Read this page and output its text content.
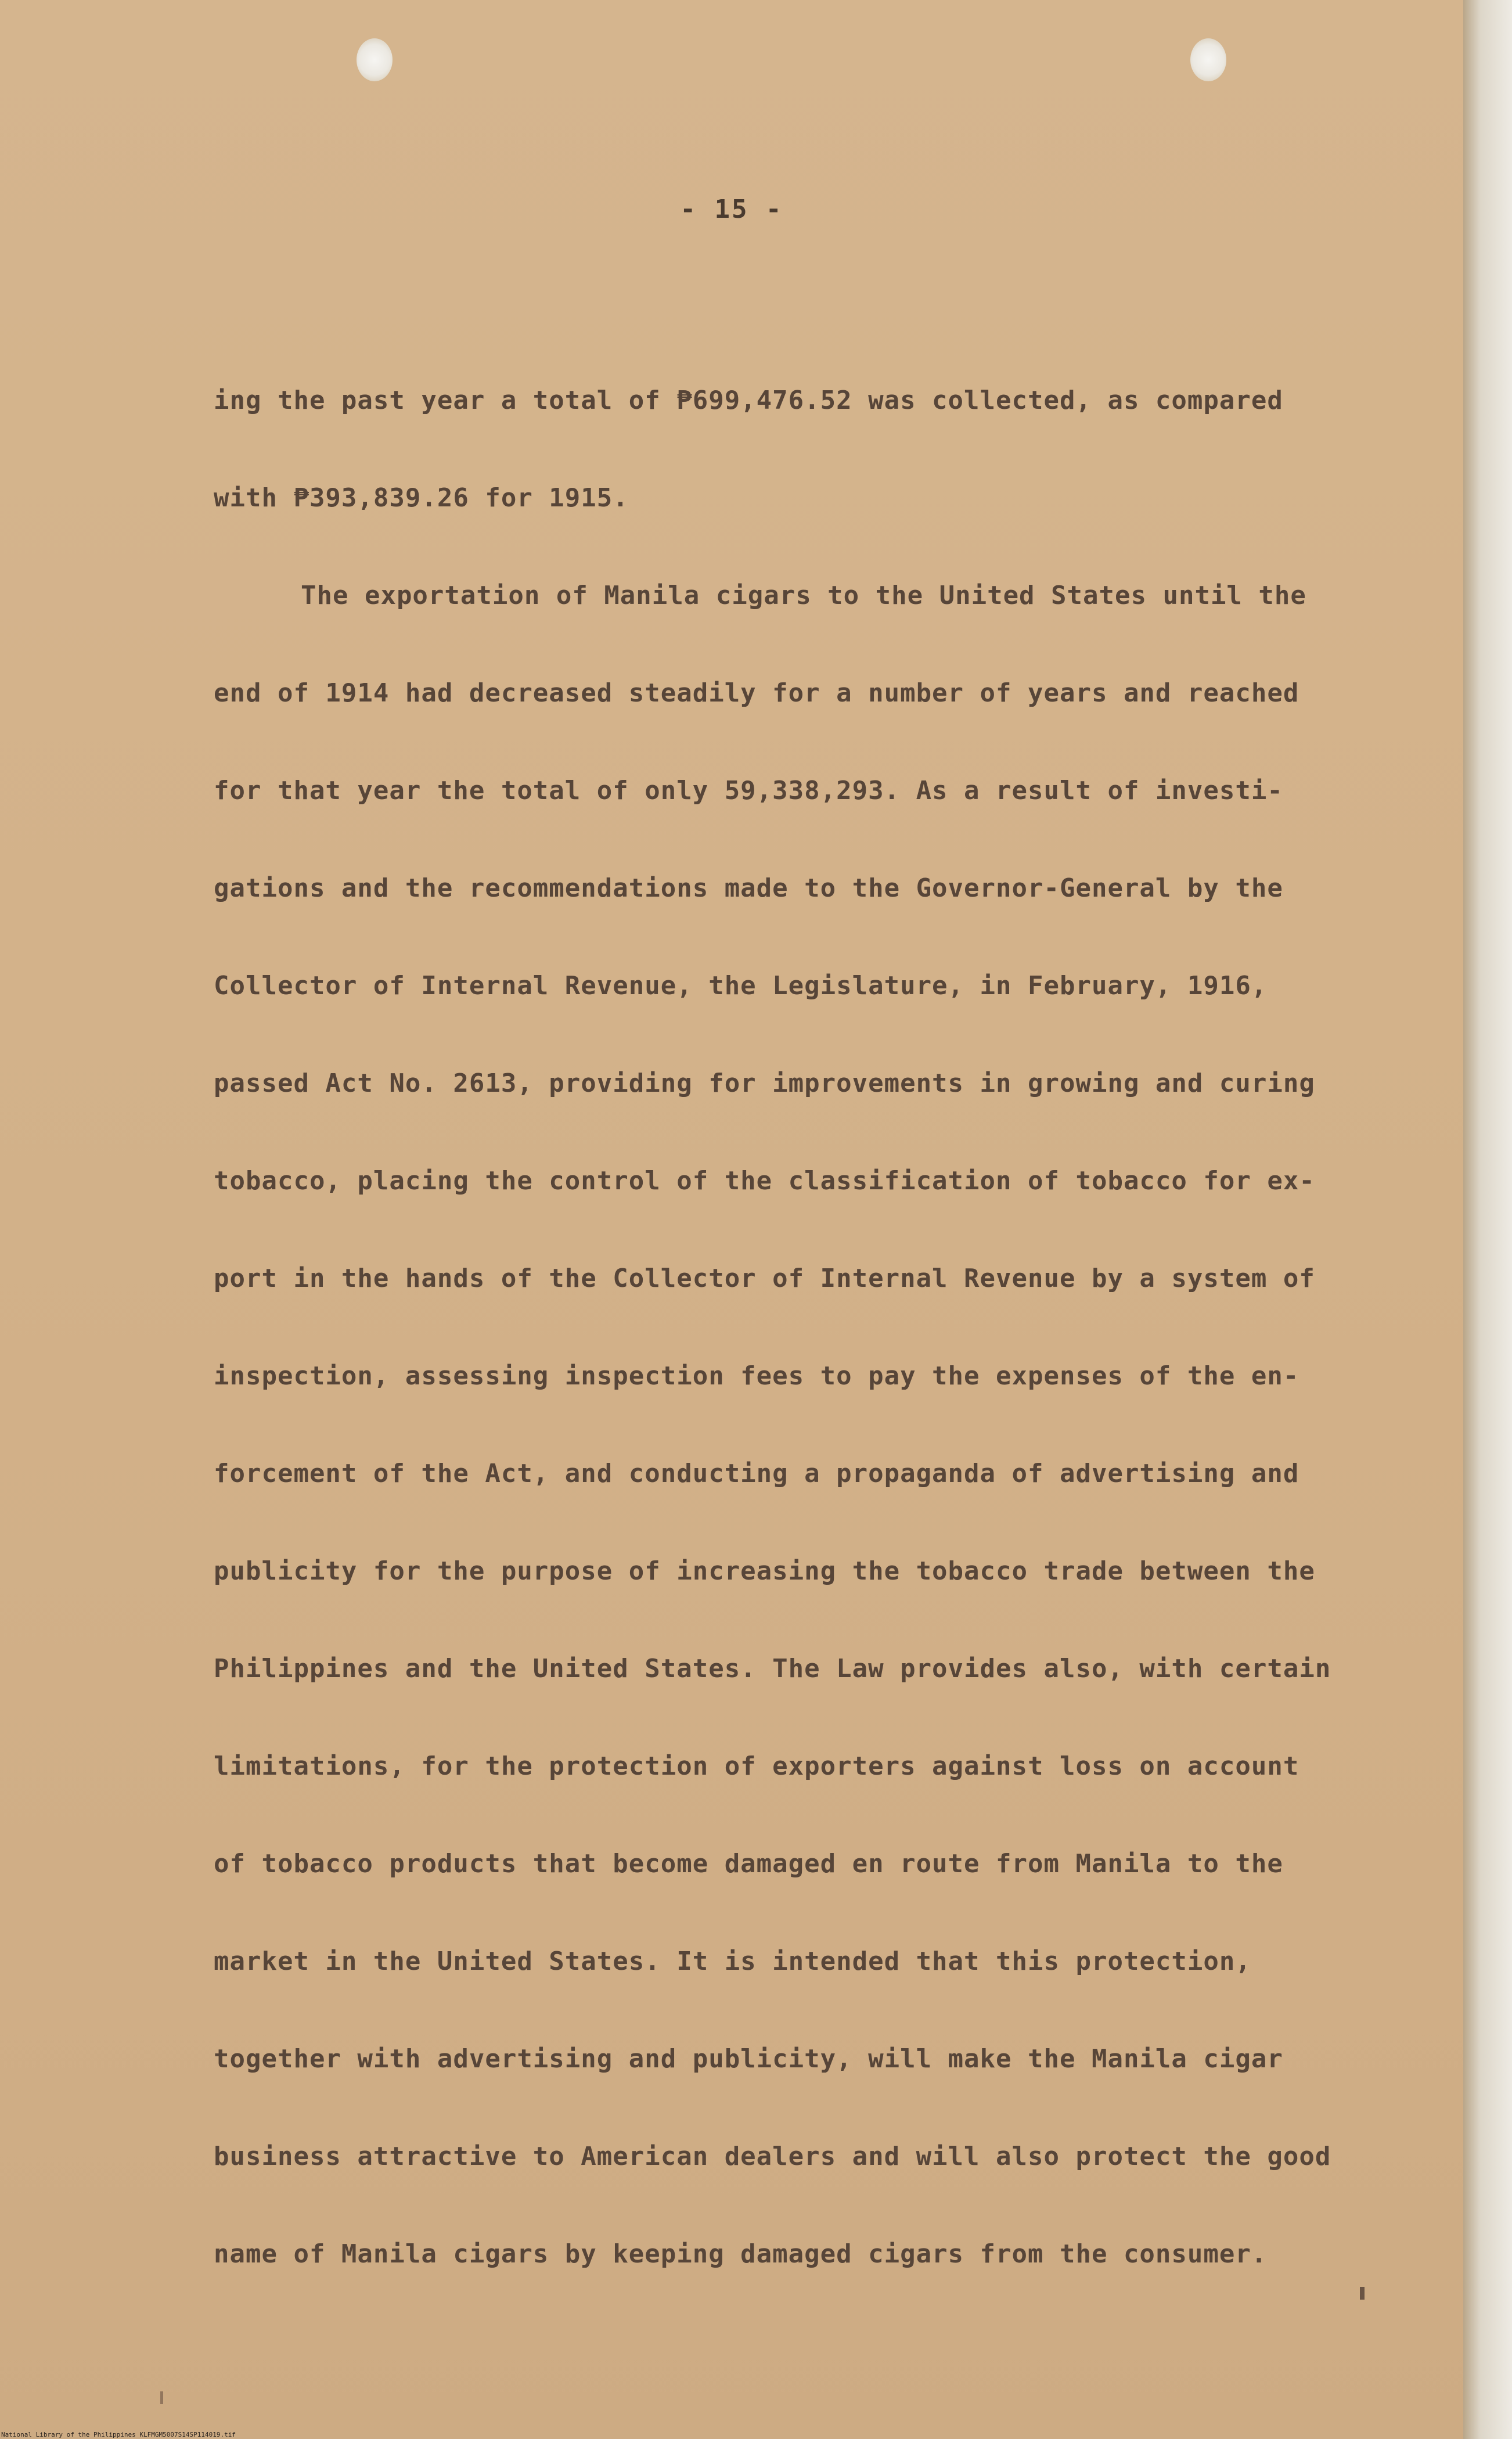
- 15 -
ing the past year a total of ₱699,476.52 was collected, as compared
with ₱393,839.26 for 1915.
The exportation of Manila cigars to the United States until the
end of 1914 had decreased steadily for a number of years and reached
for that year the total of only 59,338,293. As a result of investi-
gations and the recommendations made to the Governor-General by the
Collector of Internal Revenue, the Legislature, in February, 1916,
passed Act No. 2613, providing for improvements in growing and curing
tobacco, placing the control of the classification of tobacco for ex-
port in the hands of the Collector of Internal Revenue by a system of
inspection, assessing inspection fees to pay the expenses of the en-
forcement of the Act, and conducting a propaganda of advertising and
publicity for the purpose of increasing the tobacco trade between the
Philippines and the United States. The Law provides also, with certain
limitations, for the protection of exporters against loss on account
of tobacco products that become damaged en route from Manila to the
market in the United States. It is intended that this protection,
together with advertising and publicity, will make the Manila cigar
business attractive to American dealers and will also protect the good
name of Manila cigars by keeping damaged cigars from the consumer.
National Library of the Philippines KLFMGM5007S14SP114019.tif
